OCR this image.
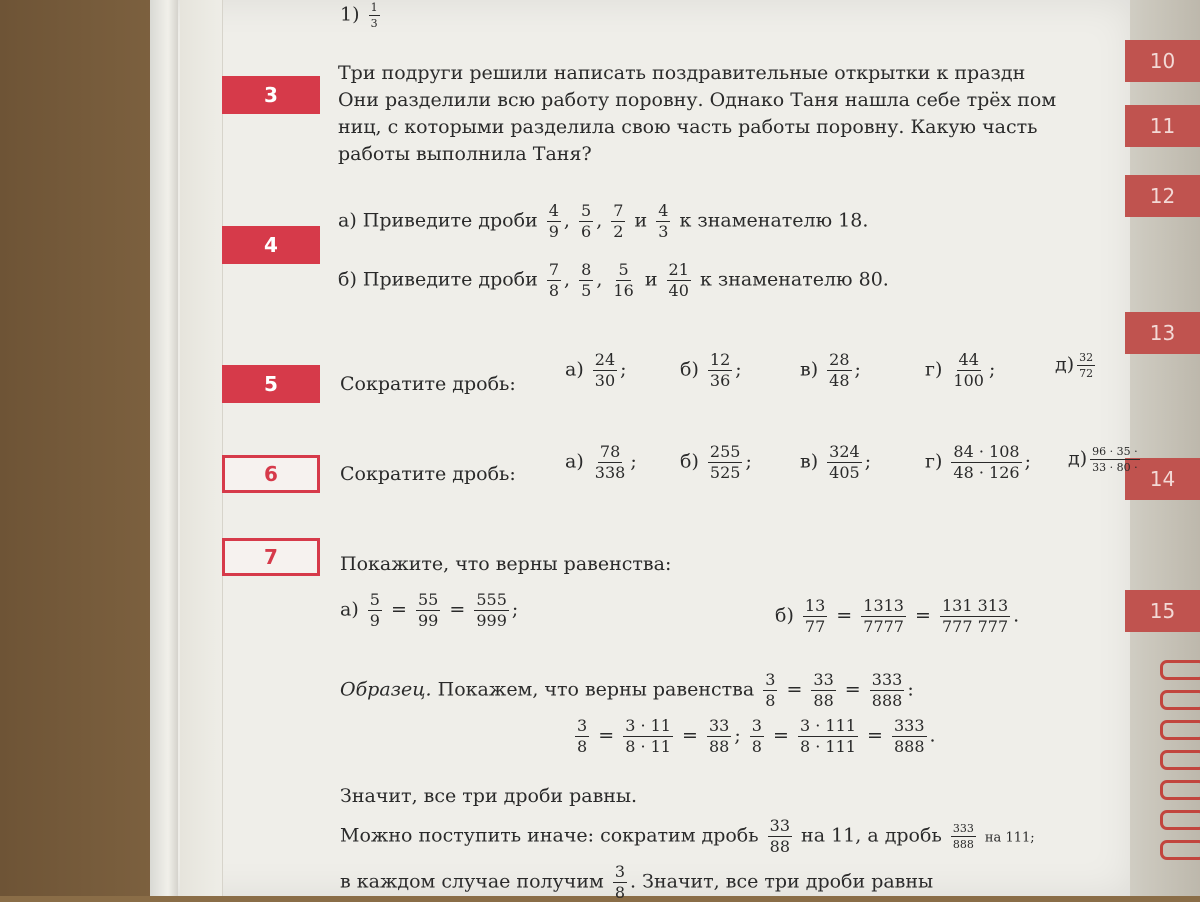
10
11
12
13
14
15
$1) \frac{1}{3}$
3
Три подруги решили написать поздравительные открытки к праздн
Они разделили всю работу поровну. Однако Таня нашла себе трёх пом
ниц, с которыми разделила свою часть работы поровну. Какую часть
работы выполнила Таня?
4
а) Приведите дроби $\frac{4}{9}$ , $\frac{5}{6}$ , $\frac{7}{2}$ и $\frac{4}{3}$ к знаменателю 18.
б) Приведите дроби $\frac{7}{8}$ , $\frac{8}{5}$ , $\frac{5}{16}$ и $\frac{21}{40}$ к знаменателю 80.
5	Сократите дробь:
$а) \frac{24}{30}$ ;	$б) \frac{12}{36}$ ;	$в) \frac{28}{48}$ ;	$г) \frac{44}{100}$ ;	$д) \frac{32}{72}$
6	Сократите дробь:
$а) \frac{78}{338}$ ; $б) \frac{255}{525}$ ;	$в) \frac{324}{405}$ ;	$г) \frac{84 \cdot 108}{48 \cdot 126}$ ; $д) \frac{96 \cdot 35 \cdot}{33 \cdot 80 \cdot}$
7	Покажите, что верны равенства:
$а) \frac{5}{9} = \frac{55}{99} = \frac{555}{999}$ ;	$б) \frac{13}{77} = \frac{1313}{7777} = \frac{131 313}{777 777}$ .
Образец. Покажем, что верны равенства $\frac{3}{8} = \frac{33}{88} = \frac{333}{888}$ :
$\frac{3}{8} = \frac{3 \cdot 11}{8 \cdot 11} = \frac{33}{88}$ ; $\frac{3}{8} = \frac{3 \cdot 111}{8 \cdot 111} = \frac{333}{888}$ .
Значит, все три дроби равны.
Можно поступить иначе: сократим дробь $\frac{33}{88}$ на 11, а дробь $\frac{333}{888}$ на 111;
в каждом случае получим $\frac{3}{8}$ . Значит, все три дроби равны
